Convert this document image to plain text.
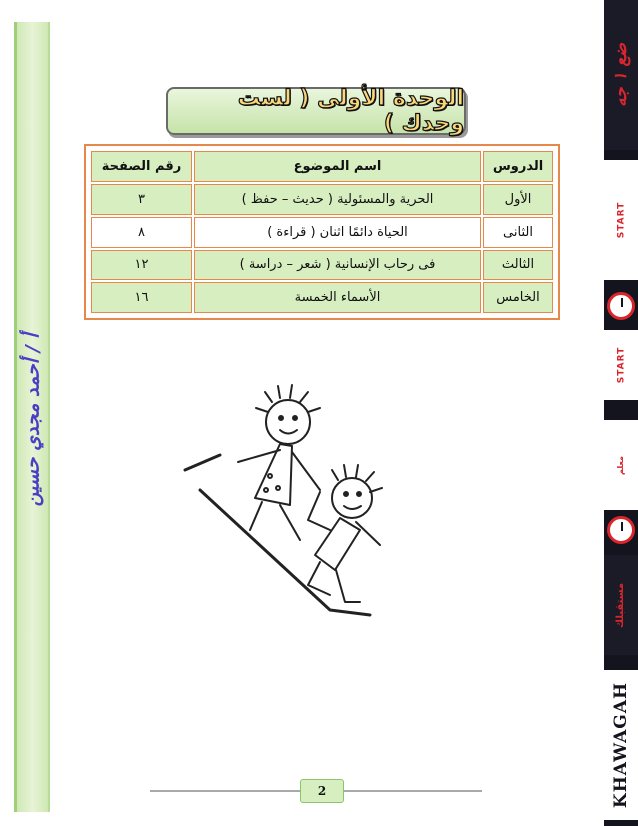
أ / أحمد مجدي حسين
ضع ١ جه
START
START
معلم
مستقبلك
KHAWAGAH
الوحدة الأولى ( لست وحدك )
الدروس	اسم الموضوع	رقم الصفحة
الأول	الحرية والمسئولية ( حديث – حفظ )	٣
الثانى	الحياة دائمًا اثنان ( قراءة )	٨
الثالث	فى رحاب الإنسانية ( شعر – دراسة )	١٢
الخامس	الأسماء الخمسة	١٦
2
